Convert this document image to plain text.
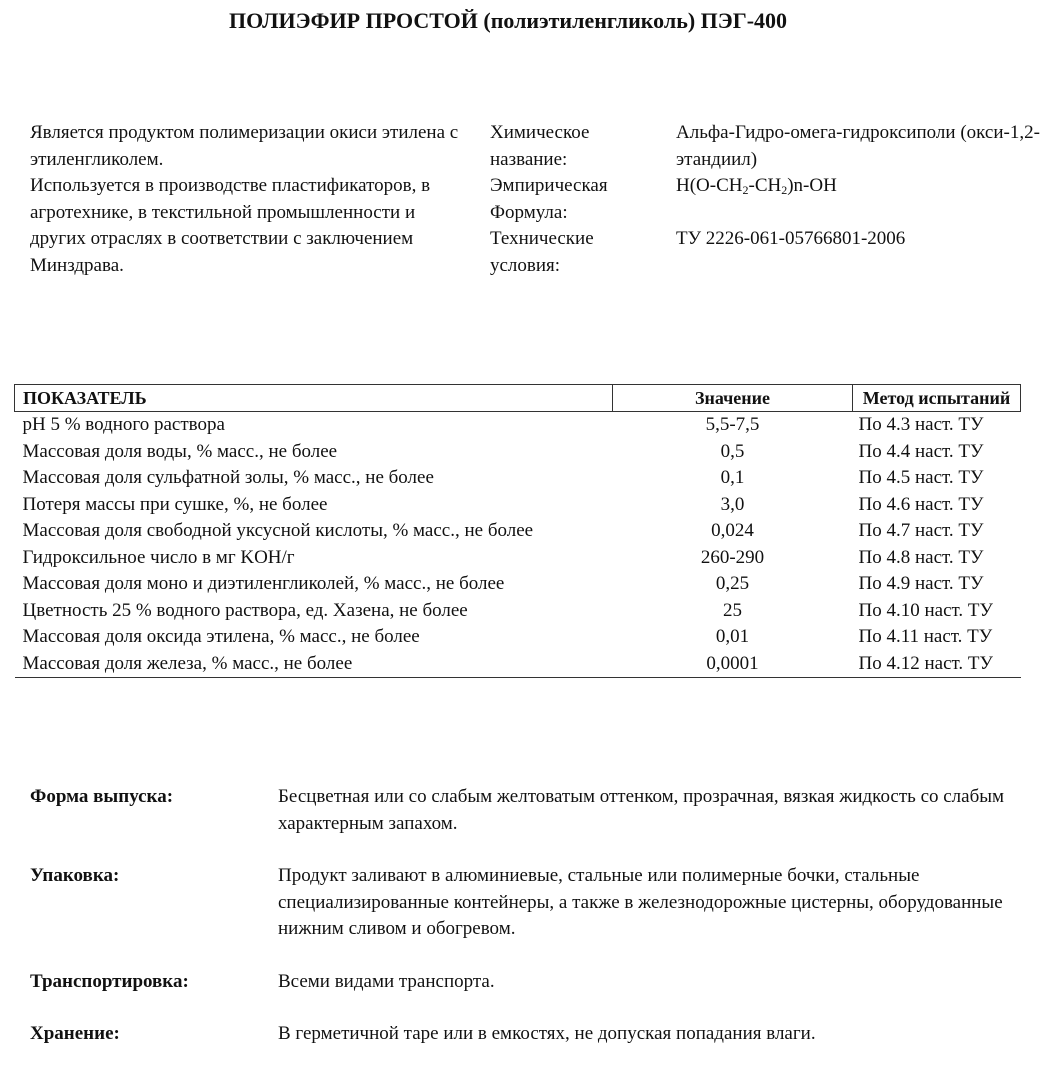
ПОЛИЭФИР ПРОСТОЙ (полиэтиленгликоль) ПЭГ-400

Является продуктом полимеризации окиси этилена с этиленгликолем.

Используется в производстве пластификаторов, в агротехнике, в текстильной промышленности и других отраслях в соответствии с заключением Минздрава.

Химическое
название:
Альфа-Гидро-омега-гидроксиполи (окси-1,2-этандиил)
Эмпирическая
Формула:
$H(O-CH_2-CH_2)n-OH$
Технические
условия:
ТУ 2226-061-05766801-2006
ПОКАЗАТЕЛЬ	Значение	Метод испытаний
pH 5 % водного раствора	5,5-7,5	По 4.3 наст. ТУ
Массовая доля воды, % масс., не более	0,5	По 4.4 наст. ТУ
Массовая доля сульфатной золы, % масс., не более	0,1	По 4.5 наст. ТУ
Потеря массы при сушке, %, не более	3,0	По 4.6 наст. ТУ
Массовая доля свободной уксусной кислоты, % масс., не более	0,024	По 4.7 наст. ТУ
Гидроксильное число в мг KOH/г	260-290	По 4.8 наст. ТУ
Массовая доля моно и диэтиленгликолей, % масс., не более	0,25	По 4.9 наст. ТУ
Цветность 25 % водного раствора, ед. Хазена, не более	25	По 4.10 наст. ТУ
Массовая доля оксида этилена, % масс., не более	0,01	По 4.11 наст. ТУ
Массовая доля железа, % масс., не более	0,0001	По 4.12 наст. ТУ
Форма выпуска:	Бесцветная или со слабым желтоватым оттенком, прозрачная, вязкая жидкость со слабым характерным запахом.
Упаковка:	Продукт заливают в алюминиевые, стальные или полимерные бочки, стальные специализированные контейнеры, а также в железнодорожные цистерны, оборудованные нижним сливом и обогревом.
Транспортировка:	Всеми видами транспорта.
Хранение:	В герметичной таре или в емкостях, не допуская попадания влаги.
